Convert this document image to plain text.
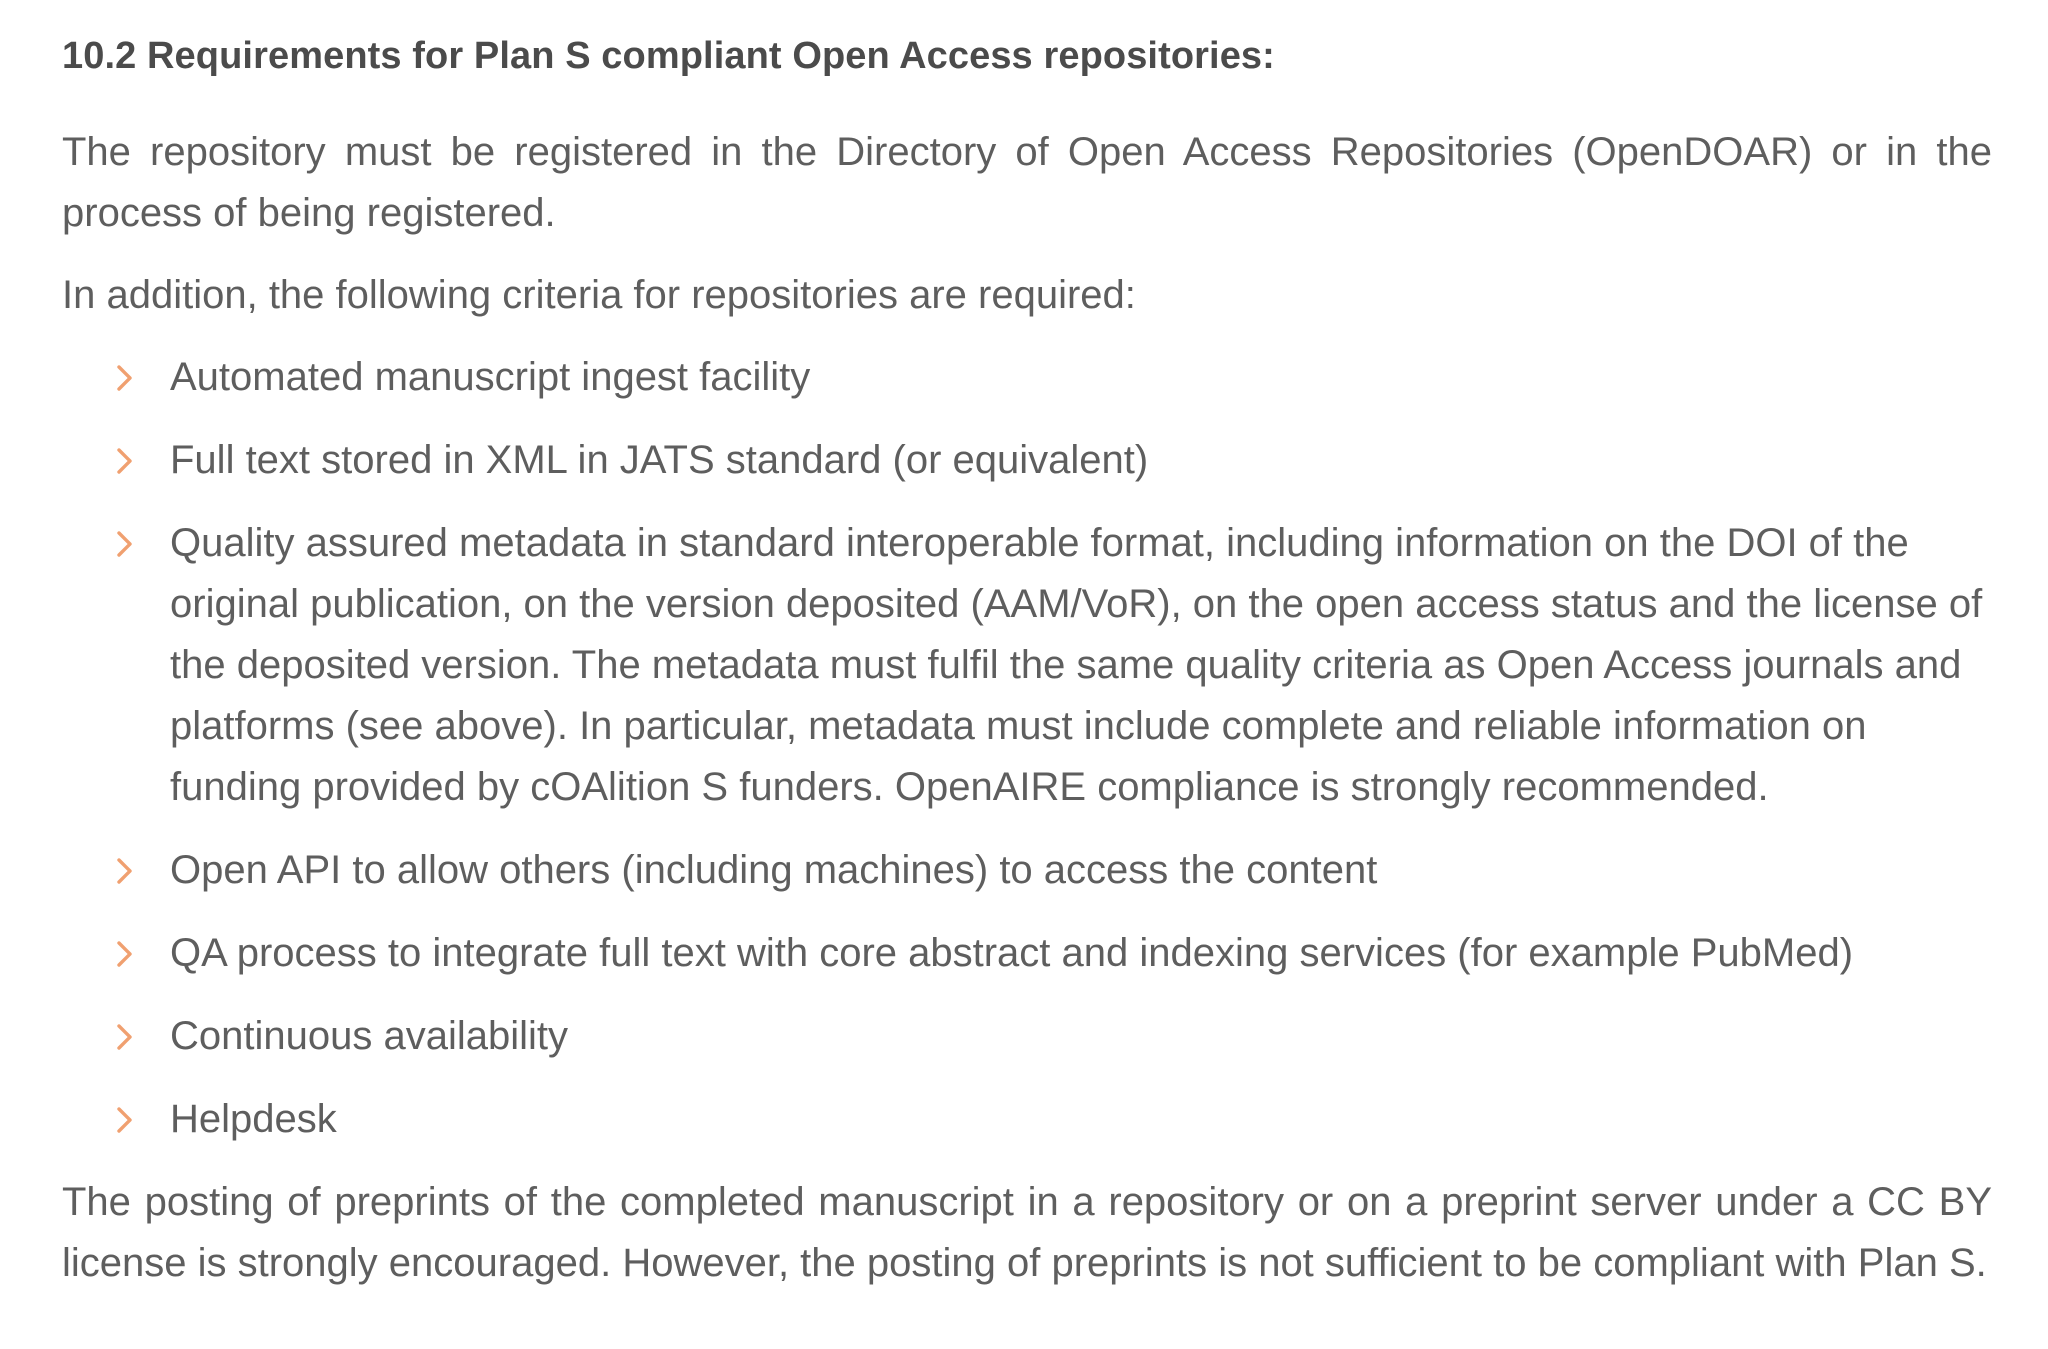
10.2 Requirements for Plan S compliant Open Access repositories:

The repository must be registered in the Directory of Open Access Repositories (OpenDOAR) or in the process of being registered.

In addition, the following criteria for repositories are required:

Automated manuscript ingest facility
Full text stored in XML in JATS standard (or equivalent)
Quality assured metadata in standard interoperable format, including information on the DOI of the original publication, on the version deposited (AAM/VoR), on the open access status and the license of the deposited version. The metadata must fulfil the same quality criteria as Open Access journals and platforms (see above). In particular, metadata must include complete and reliable information on funding provided by cOAlition S funders. OpenAIRE compliance is strongly recommended.
Open API to allow others (including machines) to access the content
QA process to integrate full text with core abstract and indexing services (for example PubMed)
Continuous availability
Helpdesk

The posting of preprints of the completed manuscript in a repository or on a preprint server under a CC BY license is strongly encouraged. However, the posting of preprints is not sufficient to be compliant with Plan S.
